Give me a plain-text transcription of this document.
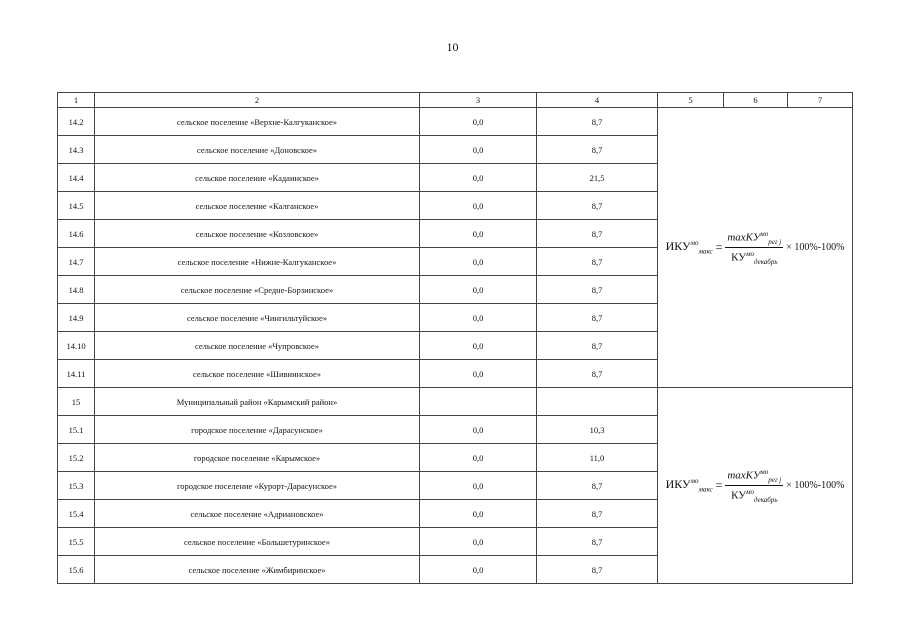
10
1	2	3	4	5	6	7
14.2	сельское поселение «Верхне-Калгуканское»	0,0	8,7	$ИКУ^{мо}_{макс} = \frac{\max КУ^{мо}_{рег j}}{КУ^{мо}_{декабрь}} \times 100\%-100\%$		

14.3	сельское поселение «Доновское»	0,0	8,7			
14.4	сельское поселение «Кадаинское»	0,0	21,5			
14.5	сельское поселение «Калганское»	0,0	8,7			
14.6	сельское поселение «Козловское»	0,0	8,7			
14.7	сельское поселение «Нижне-Калгуканское»	0,0	8,7			
14.8	сельское поселение «Средне-Борзинское»	0,0	8,7			
14.9	сельское поселение «Чингильтуйское»	0,0	8,7			
14.10	сельское поселение «Чупровское»	0,0	8,7			
14.11	сельское поселение «Шивиинское»	0,0	8,7			
15	Муниципальный район «Карымский район»			$ИКУ^{мо}_{макс} = \frac{\max КУ^{мо}_{рег j}}{КУ^{мо}_{декабрь}} \times 100\%-100\%$		

15.1	городское поселение «Дарасунское»	0,0	10,3			
15.2	городское поселение «Карымское»	0,0	11,0			
15.3	городское поселение «Курорт-Дарасунское»	0,0	8,7			
15.4	сельское поселение «Адриановское»	0,0	8,7			
15.5	сельское поселение «Большетуринское»	0,0	8,7			
15.6	сельское поселение «Жимбиринское»	0,0	8,7			
